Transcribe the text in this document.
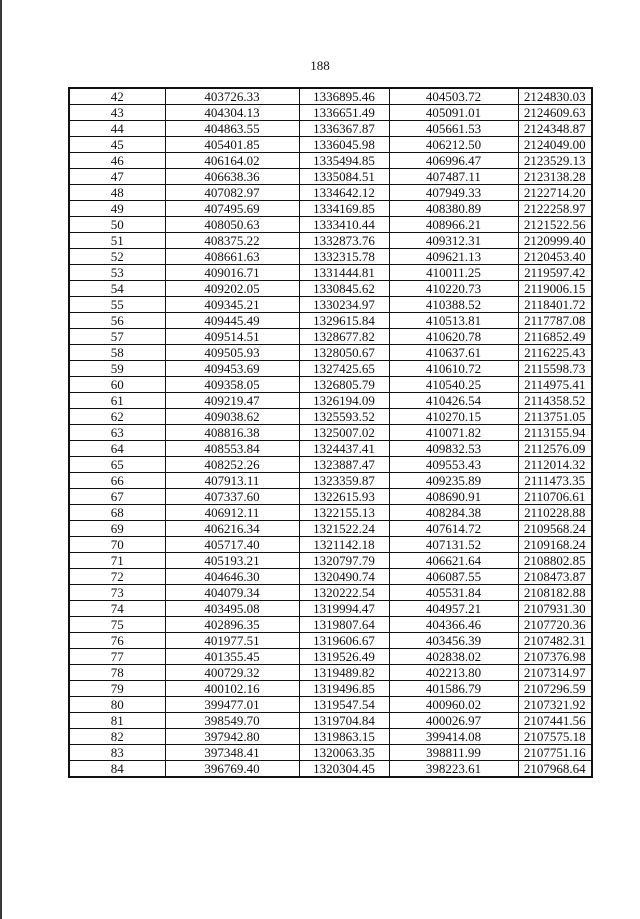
188
42	403726.33	1336895.46	404503.72	2124830.03
43	404304.13	1336651.49	405091.01	2124609.63
44	404863.55	1336367.87	405661.53	2124348.87
45	405401.85	1336045.98	406212.50	2124049.00
46	406164.02	1335494.85	406996.47	2123529.13
47	406638.36	1335084.51	407487.11	2123138.28
48	407082.97	1334642.12	407949.33	2122714.20
49	407495.69	1334169.85	408380.89	2122258.97
50	408050.63	1333410.44	408966.21	2121522.56
51	408375.22	1332873.76	409312.31	2120999.40
52	408661.63	1332315.78	409621.13	2120453.40
53	409016.71	1331444.81	410011.25	2119597.42
54	409202.05	1330845.62	410220.73	2119006.15
55	409345.21	1330234.97	410388.52	2118401.72
56	409445.49	1329615.84	410513.81	2117787.08
57	409514.51	1328677.82	410620.78	2116852.49
58	409505.93	1328050.67	410637.61	2116225.43
59	409453.69	1327425.65	410610.72	2115598.73
60	409358.05	1326805.79	410540.25	2114975.41
61	409219.47	1326194.09	410426.54	2114358.52
62	409038.62	1325593.52	410270.15	2113751.05
63	408816.38	1325007.02	410071.82	2113155.94
64	408553.84	1324437.41	409832.53	2112576.09
65	408252.26	1323887.47	409553.43	2112014.32
66	407913.11	1323359.87	409235.89	2111473.35
67	407337.60	1322615.93	408690.91	2110706.61
68	406912.11	1322155.13	408284.38	2110228.88
69	406216.34	1321522.24	407614.72	2109568.24
70	405717.40	1321142.18	407131.52	2109168.24
71	405193.21	1320797.79	406621.64	2108802.85
72	404646.30	1320490.74	406087.55	2108473.87
73	404079.34	1320222.54	405531.84	2108182.88
74	403495.08	1319994.47	404957.21	2107931.30
75	402896.35	1319807.64	404366.46	2107720.36
76	401977.51	1319606.67	403456.39	2107482.31
77	401355.45	1319526.49	402838.02	2107376.98
78	400729.32	1319489.82	402213.80	2107314.97
79	400102.16	1319496.85	401586.79	2107296.59
80	399477.01	1319547.54	400960.02	2107321.92
81	398549.70	1319704.84	400026.97	2107441.56
82	397942.80	1319863.15	399414.08	2107575.18
83	397348.41	1320063.35	398811.99	2107751.16
84	396769.40	1320304.45	398223.61	2107968.64
